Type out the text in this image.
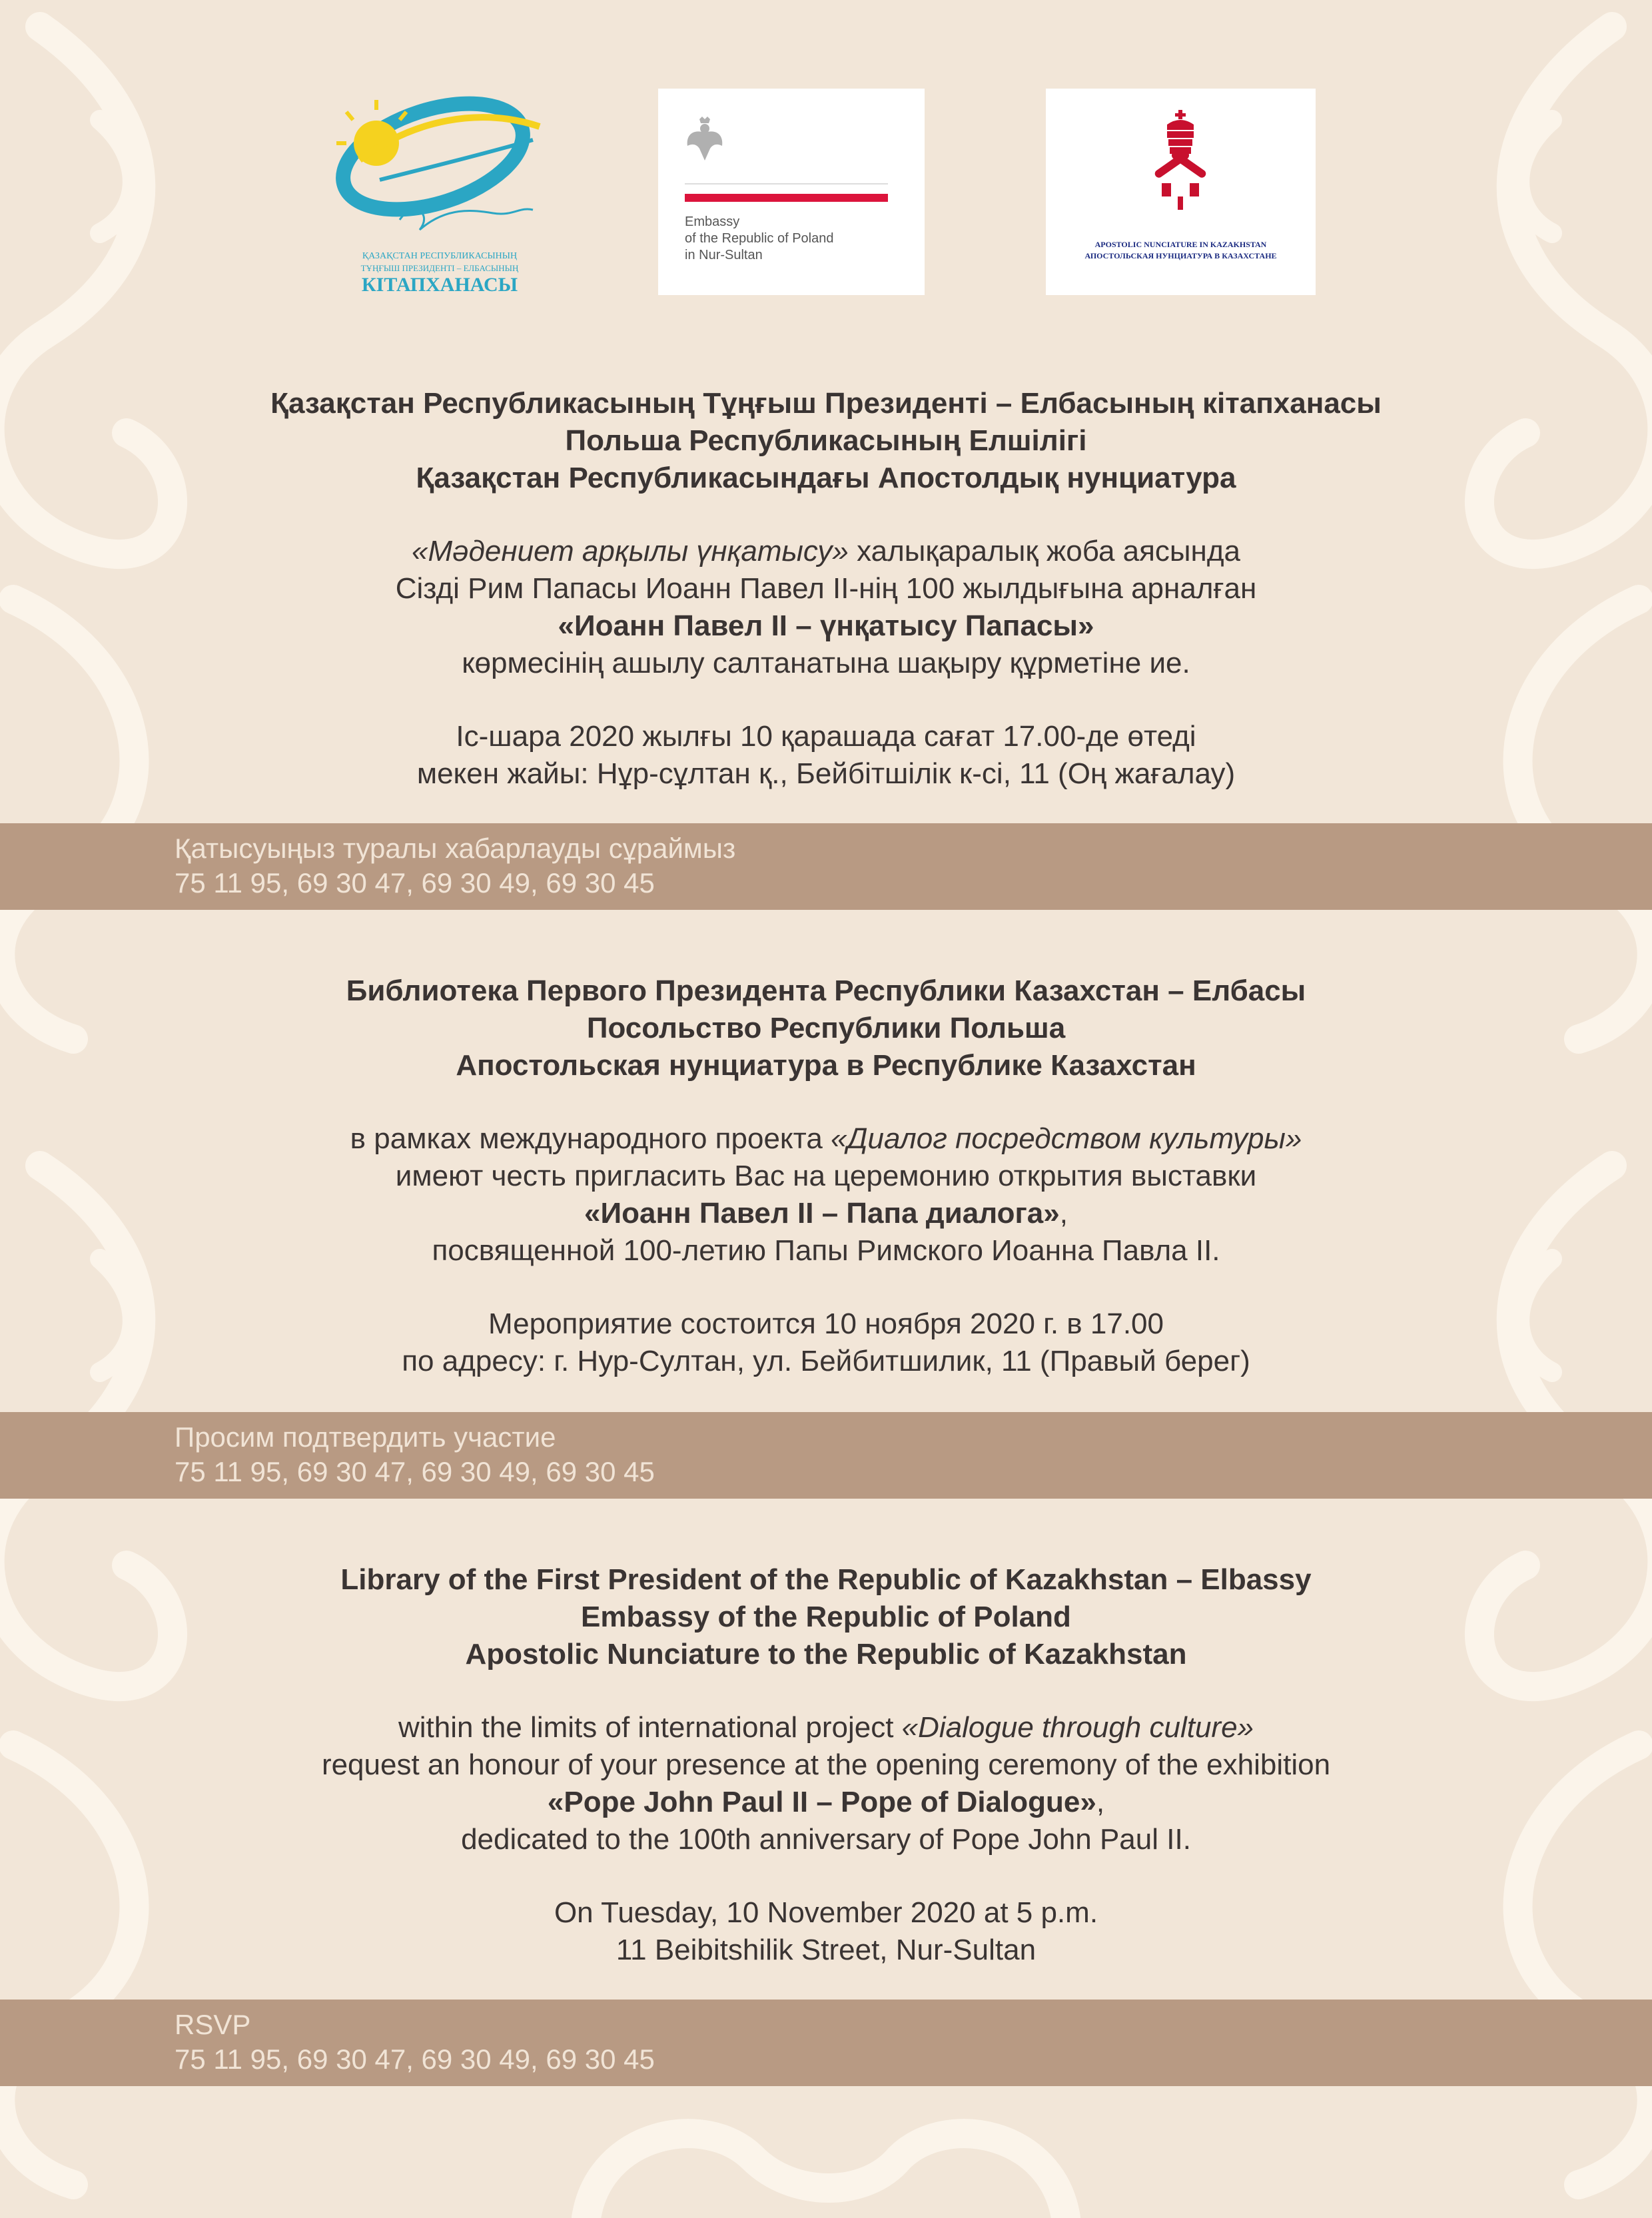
ҚАЗАҚСТАН РЕСПУБЛИКАСЫНЫҢ
ТҰҢҒЫШ ПРЕЗИДЕНТІ – ЕЛБАСЫНЫҢ
КІТАПХАНАСЫ
Embassy
of the Republic of Poland
in Nur-Sultan
APOSTOLIC NUNCIATURE IN KAZAKHSTAN
АПОСТОЛЬСКАЯ НУНЦИАТУРА В КАЗАХСТАНЕ
Қазақстан Республикасының Тұңғыш Президенті – Елбасының кітапханасы
Польша Республикасының Елшілігі
Қазақстан Республикасындағы Апостолдық нунциатура
«Мәдениет арқылы үнқатысу» халықаралық жоба аясында
Сізді Рим Папасы Иоанн Павел II-нің 100 жылдығына арналған
«Иоанн Павел II – үнқатысу Папасы»
көрмесінің ашылу салтанатына шақыру құрметіне ие.
Іс-шара 2020 жылғы 10 қарашада сағат 17.00-де өтеді
мекен жайы: Нұр-сұлтан қ., Бейбітшілік к-сі, 11 (Оң жағалау)
Қатысуыңыз туралы хабарлауды сұраймыз
75 11 95, 69 30 47, 69 30 49, 69 30 45
Библиотека Первого Президента Республики Казахстан – Елбасы
Посольство Республики Польша
Апостольская нунциатура в Республике Казахстан
в рамках международного проекта «Диалог посредством культуры»
имеют честь пригласить Вас на церемонию открытия выставки
«Иоанн Павел II – Папа диалога»,
посвященной 100-летию Папы Римского Иоанна Павла II.
Мероприятие состоится 10 ноября 2020 г. в 17.00
по адресу: г. Нур-Султан, ул. Бейбитшилик, 11 (Правый берег)
Просим подтвердить участие
75 11 95, 69 30 47, 69 30 49, 69 30 45
Library of the First President of the Republic of Kazakhstan – Elbassy
Embassy of the Republic of Poland
Apostolic Nunciature to the Republic of Kazakhstan
within the limits of international project «Dialogue through culture»
request an honour of your presence at the opening ceremony of the exhibition
«Pope John Paul II – Pope of Dialogue»,
dedicated to the 100th anniversary of Pope John Paul II.
On Tuesday, 10 November 2020 at 5 p.m.
11 Beibitshilik Street, Nur-Sultan
RSVP
75 11 95, 69 30 47, 69 30 49, 69 30 45
